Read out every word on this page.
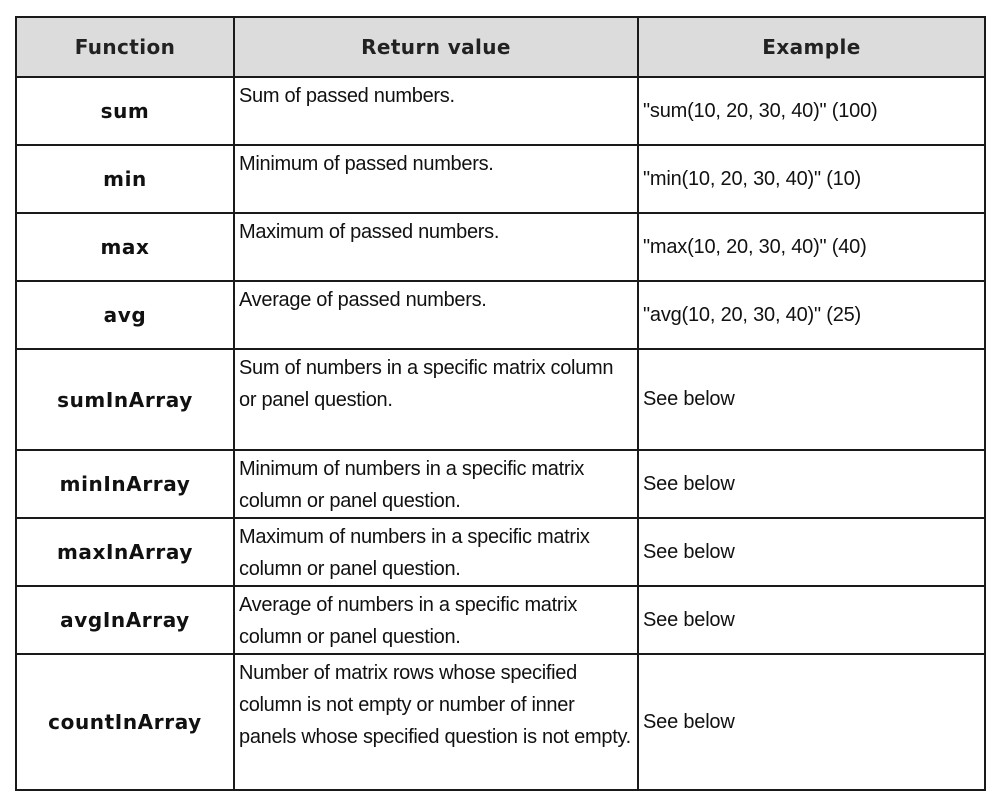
Function	Return value	Example
sum	Sum of passed numbers.	"sum(10, 20, 30, 40)" (100)
min	Minimum of passed numbers.	"min(10, 20, 30, 40)" (10)
max	Maximum of passed numbers.	"max(10, 20, 30, 40)" (40)
avg	Average of passed numbers.	"avg(10, 20, 30, 40)" (25)
sumInArray	Sum of numbers in a specific matrix column or panel question.	See below
minInArray	Minimum of numbers in a specific matrix column or panel question.	See below
maxInArray	Maximum of numbers in a specific matrix column or panel question.	See below
avgInArray	Average of numbers in a specific matrix column or panel question.	See below
countInArray	Number of matrix rows whose specified column is not empty or number of inner panels whose specified question is not empty.	See below
